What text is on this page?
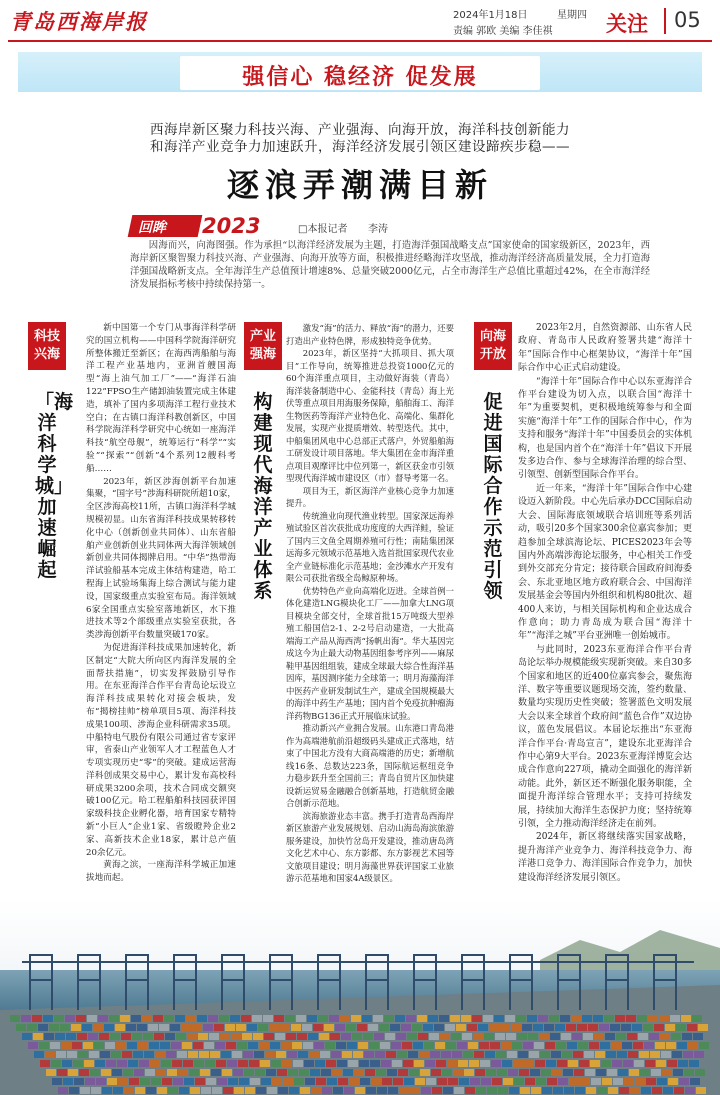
青岛西海岸报	2024年1月18日	星期四
责编 郭欧 美编 李佳祺	关注 05
强信心 稳经济 促发展
西海岸新区聚力科技兴海、产业强海、向海开放，海洋科技创新能力
和海洋产业竞争力加速跃升，海洋经济发展引领区建设蹄疾步稳——
逐浪弄潮满目新
回眸 2023	□本报记者 李涛
因海而兴，向海图强。作为承担“以海洋经济发展为主题，打造海洋强国战略支点”国家使命的国家级新区，2023年，西海岸新区聚智聚力科技兴海、产业强海、向海开放等方面，积极推进经略海洋攻坚战，推动海洋经济高质量发展，全力打造海洋强国战略新支点。全年海洋生产总值预计增速8%、总量突破2000亿元，占全市海洋生产总值比重超过42%，在全市海洋经济发展指标考核中持续保持第一。
科技兴海
「海洋科学城」加速崛起

新中国第一个专门从事海洋科学研究的国立机构——中国科学院海洋研究所整体搬迁至新区；在海西湾船舶与海洋工程产业基地内，亚洲首艘国海型“海上油气加工厂”——“海洋石油122”FPSO生产储卸油装置完成主体建造，填补了国内多项海洋工程行业技术空白；在古镇口海洋科教创新区，中国科学院海洋科学研究中心统如一座海洋科技“航空母舰”，统筹运行“科学”“实验”“探索”“创新”4个系列12艘科考船……

2023年，新区涉海创新平台加速集聚，“国字号”涉海科研院所超10家，全区涉海高校11所，古镇口海洋科学城规模初显。山东省海洋科技成果转移转化中心（创新创业共同体）、山东省船舶产业创新创业共同体两大海洋领域创新创业共同体揭牌启用。“中华”热带海洋试验船基本完成主体结构建造，哈工程海上试验场集海上综合测试与能力建设，国家级重点实验室布局。海洋领域6家全国重点实验室落地新区，水下推进技术等2个部级重点实验室获批，各类涉海创新平台数量突破170家。

为促进海洋科技成果加速转化，新区制定“大院大所向区内海洋发展的全面帮扶措施”，切实发挥鼓励引导作用。在东亚海洋合作平台青岛论坛设立海洋科技成果转化对接会板块，发布“揭榜挂帅”榜单项目5项、海洋科技成果100项、涉海企业科研需求35项。中船特电气股份有限公司通过省专家评审，省泰山产业领军人才工程蓝色人才专项实现历史“零”的突破。建成运营海洋科创成果交易中心，累计发布高校科研成果3200余项，技术合同成交额突破100亿元。哈工程船舶科技园获评国家级科技企业孵化器，培育国家专精特新“小巨人”企业1家、省级瞪羚企业2家、高新技术企业18家，累计总产值20余亿元。

黄海之滨，一座海洋科学城正加速拔地而起。

产业强海
构建现代海洋产业体系

激发“海”的活力、释放“海”的潜力，还要打造出产业特色牌，形成独特竞争优势。

2023年，新区坚持“大抓项目、抓大项目”工作导向，统筹推进总投资1000亿元的60个海洋重点项目，主动做好海装（青岛）海洋装备制造中心、金能科技（青岛）海上光伏等重点项目用海服务保障，船舶海工、海洋生物医药等海洋产业特色化、高端化、集群化发展，实现产业提质增效、转型迭代。其中，中船集团风电中心总部正式落户，外贸船舶海工研发设计项目落地。华大集团在金市海洋重点项目观摩评比中位列第一，新区获金市引领型现代海洋城市建设区（市）督导考第一名。

项目为王，新区海洋产业核心竞争力加速提升。

传统渔业向现代渔业转型。国家深远海养殖试验区首次获批成功度度的大西洋鲑，验证了国内三文鱼全周期养殖可行性；南陆集团深远海多元领域示范基地入选首批国家现代农业全产业链标准化示范基地；金沙滩水产开发有限公司获批省级全岛鲸原种场。

优势特色产业向高端化迈进。全球首例一体化建造LNG模块化工厂——加拿大LNG项目模块全部交付，全球首批15万吨级大型养殖工船国信2-1、2-2号启动建造，一大批高端海工产品从海西湾“扬帆出海”。华大基因完成这今为止最大动物基因组参考序列——麻尿鞋甲基因组组装，建成全球最大综合性海洋基因库，基因测序能力全球第一；明月海藻海洋中医药产业研发制试生产，建成全国规模最大的海洋中药生产基地；国内首个免疫抗肿瘤海洋药物BG136正式开展临床试验。

推动新兴产业拥合发展。山东港口青岛港作为高端港航前沿超级码头建成正式落地，结束了中国北方没有大商高端港的历史；新增航线16条、总数达223条，国际航运枢纽竞争力稳步跃升至全国前三；青岛自贸片区加快建设新运贸易金融融合创新基地，打造航贸金融合创新示范地。

滨海旅游业态丰富。携手打造青岛西海岸新区旅游产业发展规划、启动山海岛海滨旅游服务建设，加快竹岔岛开发建设，推动唐岛湾文化艺术中心、东方影都、东方影视艺术园等文旅项目建设；明月海藻世界获评国家工业旅游示范基地和国家4A级景区。

向海开放
促进国际合作示范引领

2023年2月，自然资源部、山东省人民政府、青岛市人民政府签署共建“海洋十年”国际合作中心框架协议，“海洋十年”国际合作中心正式启动建设。

“海洋十年”国际合作中心以东亚海洋合作平台建设为切入点，以联合国“海洋十年”为重要契机，更积极地统筹参与和全面实施“海洋十年”工作的国际合作中心，作为支持和服务“海洋十年”中国委员会的实体机构，也是国内首个在“海洋十年”倡议下开展发多边合作、参与全球海洋治理的综合型、引领型、创新型国际合作平台。

近一年来，“海洋十年”国际合作中心建设迈入新阶段。中心先后承办DCC国际启动大会、国际海底领域联合培训班等系列活动，吸引20多个国家300余位嘉宾参加；更趋参加全球滨海论坛、PICES2023年会等国内外高端涉海论坛服务，中心相关工作受到外交部充分肯定；接待联合国政府间海委会、东北亚地区地方政府联合会、中国海洋发展基金会等国内外组织和机构80批次、超400人来访，与相关国际机构和企业达成合作意向；助力青岛成为联合国“海洋十年”“海洋之城”平台亚洲唯一创始城市。

与此同时，2023东亚海洋合作平台青岛论坛举办规模能级实现新突破。来自30多个国家和地区的近400位嘉宾参会，聚焦海洋、数字等重要议题现场交流，签约数量、数量均实现历史性突破；签署蓝色文明发展大会以来全球首个政府间“蓝色合作”双边协议，蓝色发展倡议。本届论坛推出“东亚海洋合作平台·青岛宣言”，建设东北亚海洋合作中心第9大平台。2023东亚海洋博览会达成合作意向227项，撬动全面强化的海洋新动能。此外，新区还不断强化服务职能，全面提升海洋综合管理水平；支持可持续发展，持续加大海洋生态保护力度；坚持统筹引领，全力推动海洋经济走在前列。

2024年，新区将继续落实国家战略，提升海洋产业竞争力、海洋科技竞争力、海洋港口竞争力、海洋国际合作竞争力，加快建设海洋经济发展引领区。
